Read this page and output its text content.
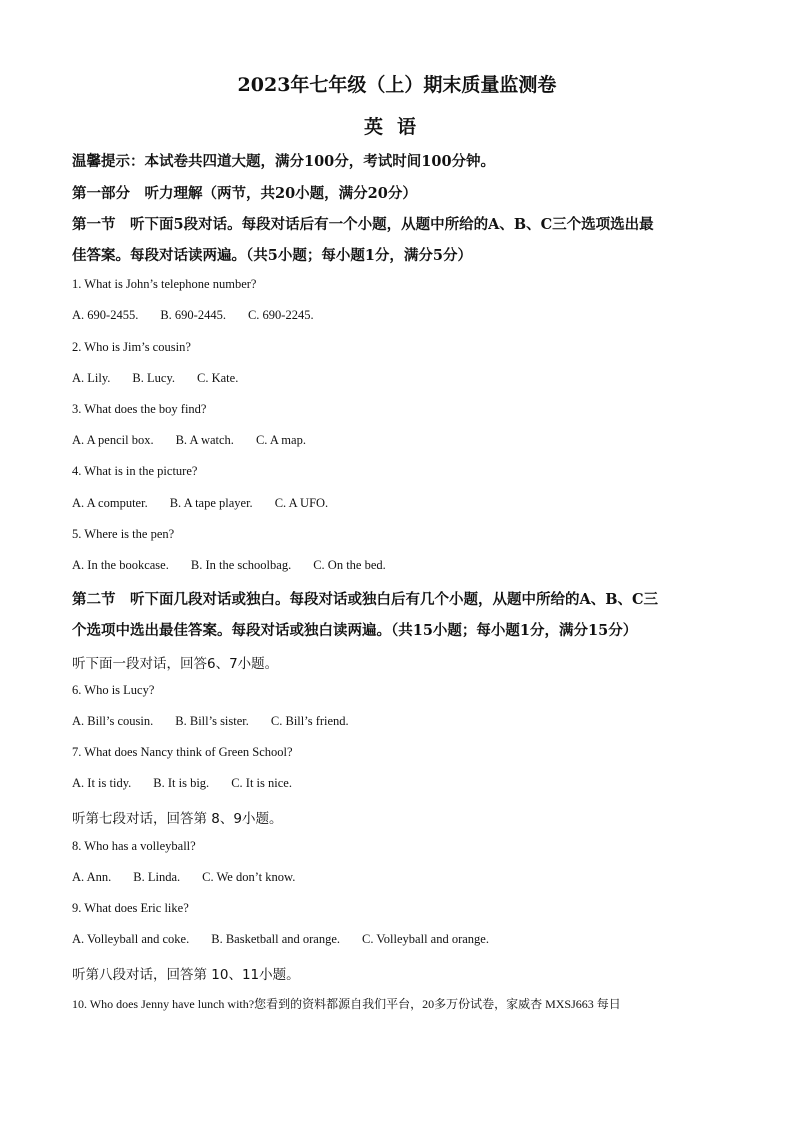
2023年七年级（上）期末质量监测卷
英语
温馨提示：本试卷共四道大题，满分100分，考试时间100分钟。
第一部分　听力理解（两节，共20小题，满分20分）
第一节　听下面5段对话。每段对话后有一个小题，从题中所给的A、B、C三个选项选出最
佳答案。每段对话读两遍。（共5小题；每小题1分，满分5分）
1. What is John’s telephone number?
A. 690-2455. B. 690-2445. C. 690-2245.
2. Who is Jim’s cousin?
A. Lily. B. Lucy. C. Kate.
3. What does the boy find?
A. A pencil box. B. A watch. C. A map.
4. What is in the picture?
A. A computer. B. A tape player. C. A UFO.
5. Where is the pen?
A. In the bookcase. B. In the schoolbag. C. On the bed.
第二节　听下面几段对话或独白。每段对话或独白后有几个小题，从题中所给的A、B、C三
个选项中选出最佳答案。每段对话或独白读两遍。（共15小题；每小题1分，满分15分）
听下面一段对话，回答6、7小题。
6. Who is Lucy?
A. Bill’s cousin. B. Bill’s sister. C. Bill’s friend.
7. What does Nancy think of Green School?
A. It is tidy. B. It is big. C. It is nice.
听第七段对话，回答第 8、9小题。
8. Who has a volleyball?
A. Ann. B. Linda. C. We don’t know.
9. What does Eric like?
A. Volleyball and coke. B. Basketball and orange. C. Volleyball and orange.
听第八段对话，回答第 10、11小题。
10. Who does Jenny have lunch with?您看到的资料都源自我们平台，20多万份试卷，家威杏 MXSJ663 每日
